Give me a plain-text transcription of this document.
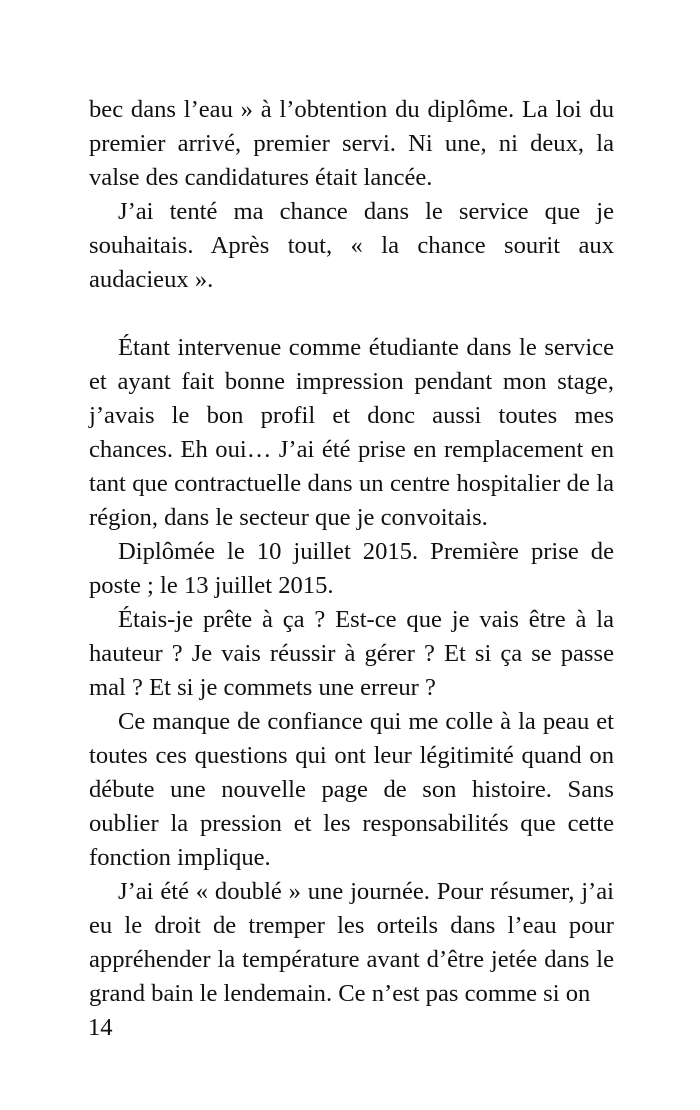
bec dans l’eau » à l’obtention du diplôme. La loi du premier arrivé, premier servi. Ni une, ni deux, la valse des candidatures était lancée.

J’ai tenté ma chance dans le service que je souhaitais. Après tout, « la chance sourit aux audacieux ».

Étant intervenue comme étudiante dans le service et ayant fait bonne impression pendant mon stage, j’avais le bon profil et donc aussi toutes mes chances. Eh oui… J’ai été prise en remplacement en tant que contractuelle dans un centre hospitalier de la région, dans le secteur que je convoitais.

Diplômée le 10 juillet 2015. Première prise de poste ; le 13 juillet 2015.

Étais-je prête à ça ? Est-ce que je vais être à la hauteur ? Je vais réussir à gérer ? Et si ça se passe mal ? Et si je commets une erreur ?

Ce manque de confiance qui me colle à la peau et toutes ces questions qui ont leur légitimité quand on débute une nouvelle page de son histoire. Sans oublier la pression et les responsabilités que cette fonction implique.

J’ai été « doublé » une journée. Pour résumer, j’ai eu le droit de tremper les orteils dans l’eau pour appréhender la température avant d’être jetée dans le grand bain le lendemain. Ce n’est pas comme si on

14
